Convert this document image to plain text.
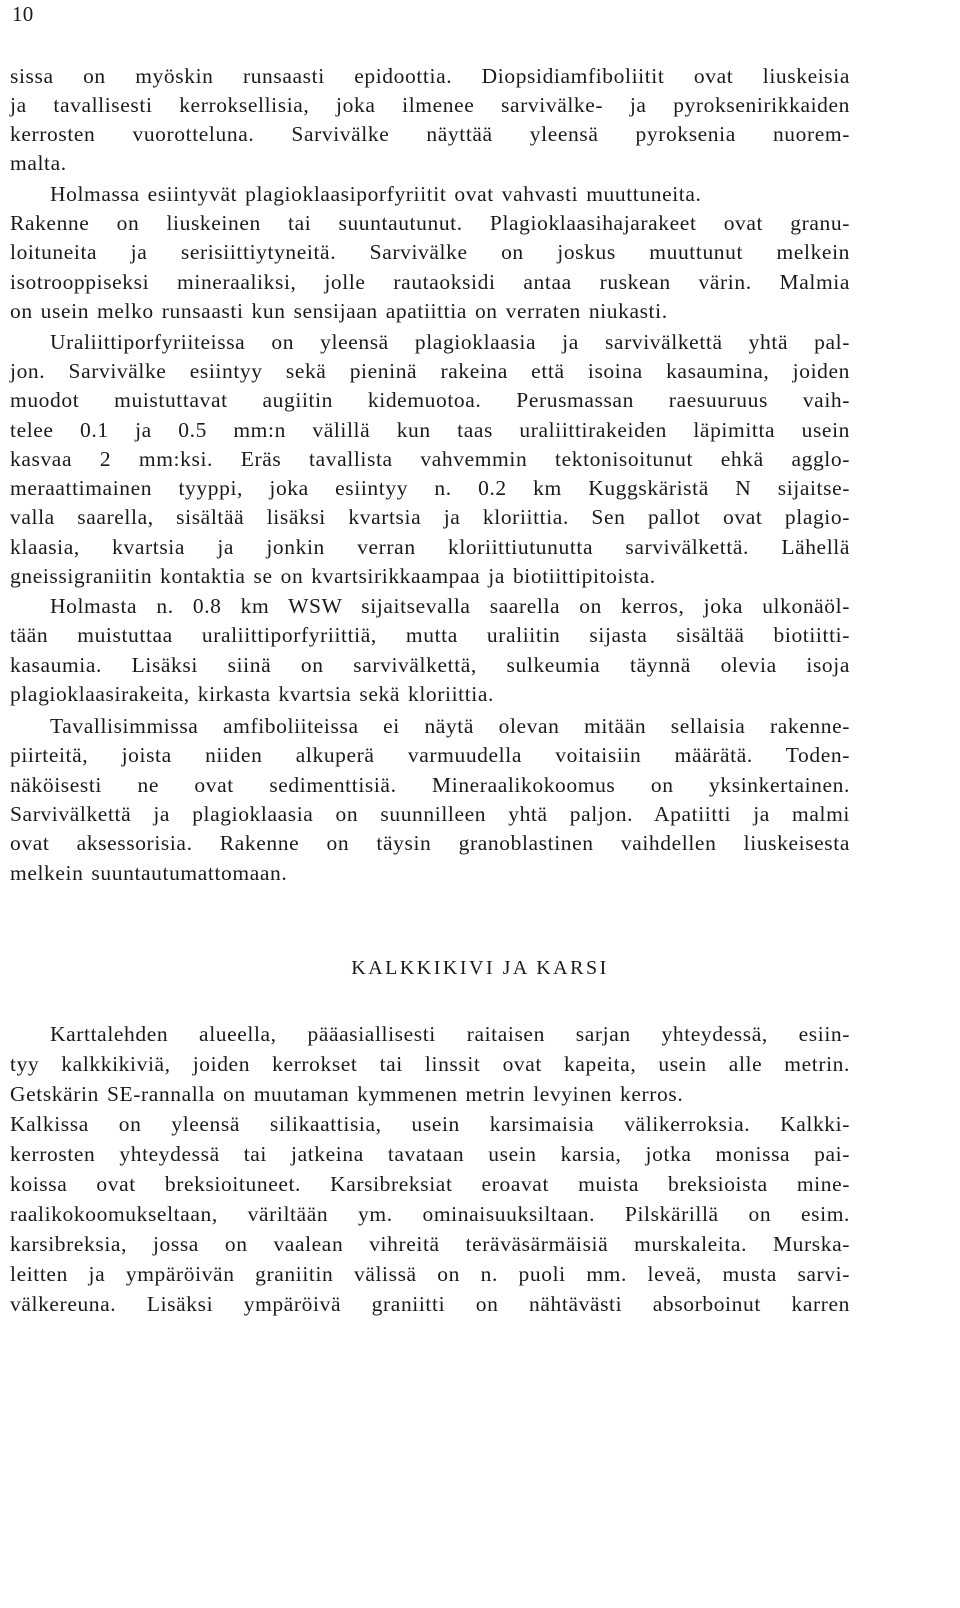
10
sissa on myöskin runsaasti epidoottia. Diopsidiamfiboliitit ovat liuskeisia
ja tavallisesti kerroksellisia, joka ilmenee sarvivälke- ja pyroksenirikkaiden
kerrosten vuorotteluna. Sarvivälke näyttää yleensä pyroksenia nuorem-
malta.
Holmassa esiintyvät plagioklaasiporfyriitit ovat vahvasti muuttuneita.
Rakenne on liuskeinen tai suuntautunut. Plagioklaasihajarakeet ovat granu-
loituneita ja serisiittiytyneitä. Sarvivälke on joskus muuttunut melkein
isotrooppiseksi mineraaliksi, jolle rautaoksidi antaa ruskean värin. Malmia
on usein melko runsaasti kun sensijaan apatiittia on verraten niukasti.
Uraliittiporfyriiteissa on yleensä plagioklaasia ja sarvivälkettä yhtä pal-
jon. Sarvivälke esiintyy sekä pieninä rakeina että isoina kasaumina, joiden
muodot muistuttavat augiitin kidemuotoa. Perusmassan raesuuruus vaih-
telee 0.1 ja 0.5 mm:n välillä kun taas uraliittirakeiden läpimitta usein
kasvaa 2 mm:ksi. Eräs tavallista vahvemmin tektonisoitunut ehkä agglo-
meraattimainen tyyppi, joka esiintyy n. 0.2 km Kuggskäristä N sijaitse-
valla saarella, sisältää lisäksi kvartsia ja kloriittia. Sen pallot ovat plagio-
klaasia, kvartsia ja jonkin verran kloriittiutunutta sarvivälkettä. Lähellä
gneissigraniitin kontaktia se on kvartsirikkaampaa ja biotiittipitoista.
Holmasta n. 0.8 km WSW sijaitsevalla saarella on kerros, joka ulkonäöl-
tään muistuttaa uraliittiporfyriittiä, mutta uraliitin sijasta sisältää biotiitti-
kasaumia. Lisäksi siinä on sarvivälkettä, sulkeumia täynnä olevia isoja
plagioklaasirakeita, kirkasta kvartsia sekä kloriittia.
Tavallisimmissa amfiboliiteissa ei näytä olevan mitään sellaisia rakenne-
piirteitä, joista niiden alkuperä varmuudella voitaisiin määrätä. Toden-
näköisesti ne ovat sedimenttisiä. Mineraalikokoomus on yksinkertainen.
Sarvivälkettä ja plagioklaasia on suunnilleen yhtä paljon. Apatiitti ja malmi
ovat aksessorisia. Rakenne on täysin granoblastinen vaihdellen liuskeisesta
melkein suuntautumattomaan.
KALKKIKIVI JA KARSI
Karttalehden alueella, pääasiallisesti raitaisen sarjan yhteydessä, esiin-
tyy kalkkikiviä, joiden kerrokset tai linssit ovat kapeita, usein alle metrin.
Getskärin SE-rannalla on muutaman kymmenen metrin levyinen kerros.
Kalkissa on yleensä silikaattisia, usein karsimaisia välikerroksia. Kalkki-
kerrosten yhteydessä tai jatkeina tavataan usein karsia, jotka monissa pai-
koissa ovat breksioituneet. Karsibreksiat eroavat muista breksioista mine-
raalikokoomukseltaan, väriltään ym. ominaisuuksiltaan. Pilskärillä on esim.
karsibreksia, jossa on vaalean vihreitä teräväsärmäisiä murskaleita. Murska-
leitten ja ympäröivän graniitin välissä on n. puoli mm. leveä, musta sarvi-
välkereuna. Lisäksi ympäröivä graniitti on nähtävästi absorboinut karren
